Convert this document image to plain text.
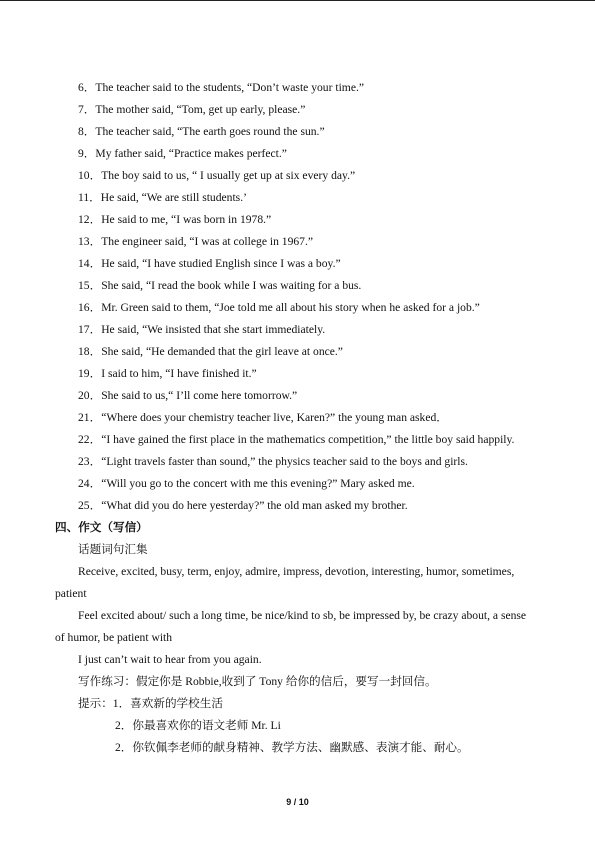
6．The teacher said to the students, “Don’t waste your time.”
7．The mother said, “Tom, get up early, please.”
8．The teacher said, “The earth goes round the sun.”
9．My father said, “Practice makes perfect.”
10．The boy said to us, “ I usually get up at six every day.”
11．He said, “We are still students.’
12．He said to me, “I was born in 1978.”
13．The engineer said, “I was at college in 1967.”
14．He said, “I have studied English since I was a boy.”
15．She said, “I read the book while I was waiting for a bus.
16．Mr. Green said to them, “Joe told me all about his story when he asked for a job.”
17．He said, “We insisted that she start immediately.
18．She said, “He demanded that the girl leave at once.”
19．I said to him, “I have finished it.”
20．She said to us,“ I’ll come here tomorrow.”
21．“Where does your chemistry teacher live, Karen?” the young man asked．
22．“I have gained the first place in the mathematics competition,” the little boy said happily.
23．“Light travels faster than sound,” the physics teacher said to the boys and girls.
24．“Will you go to the concert with me this evening?” Mary asked me.
25．“What did you do here yesterday?” the old man asked my brother.
四、作文（写信）
话题词句汇集
Receive, excited, busy, term, enjoy, admire, impress, devotion, interesting, humor, sometimes,
patient
Feel excited about/ such a long time, be nice/kind to sb, be impressed by, be crazy about, a sense
of humor, be patient with
I just can’t wait to hear from you again.
写作练习：假定你是 Robbie,收到了 Tony 给你的信后，要写一封回信。
提示：1．喜欢新的学校生活
2．你最喜欢你的语文老师 Mr. Li
2．你钦佩李老师的献身精神、教学方法、幽默感、表演才能、耐心。
9 / 10
